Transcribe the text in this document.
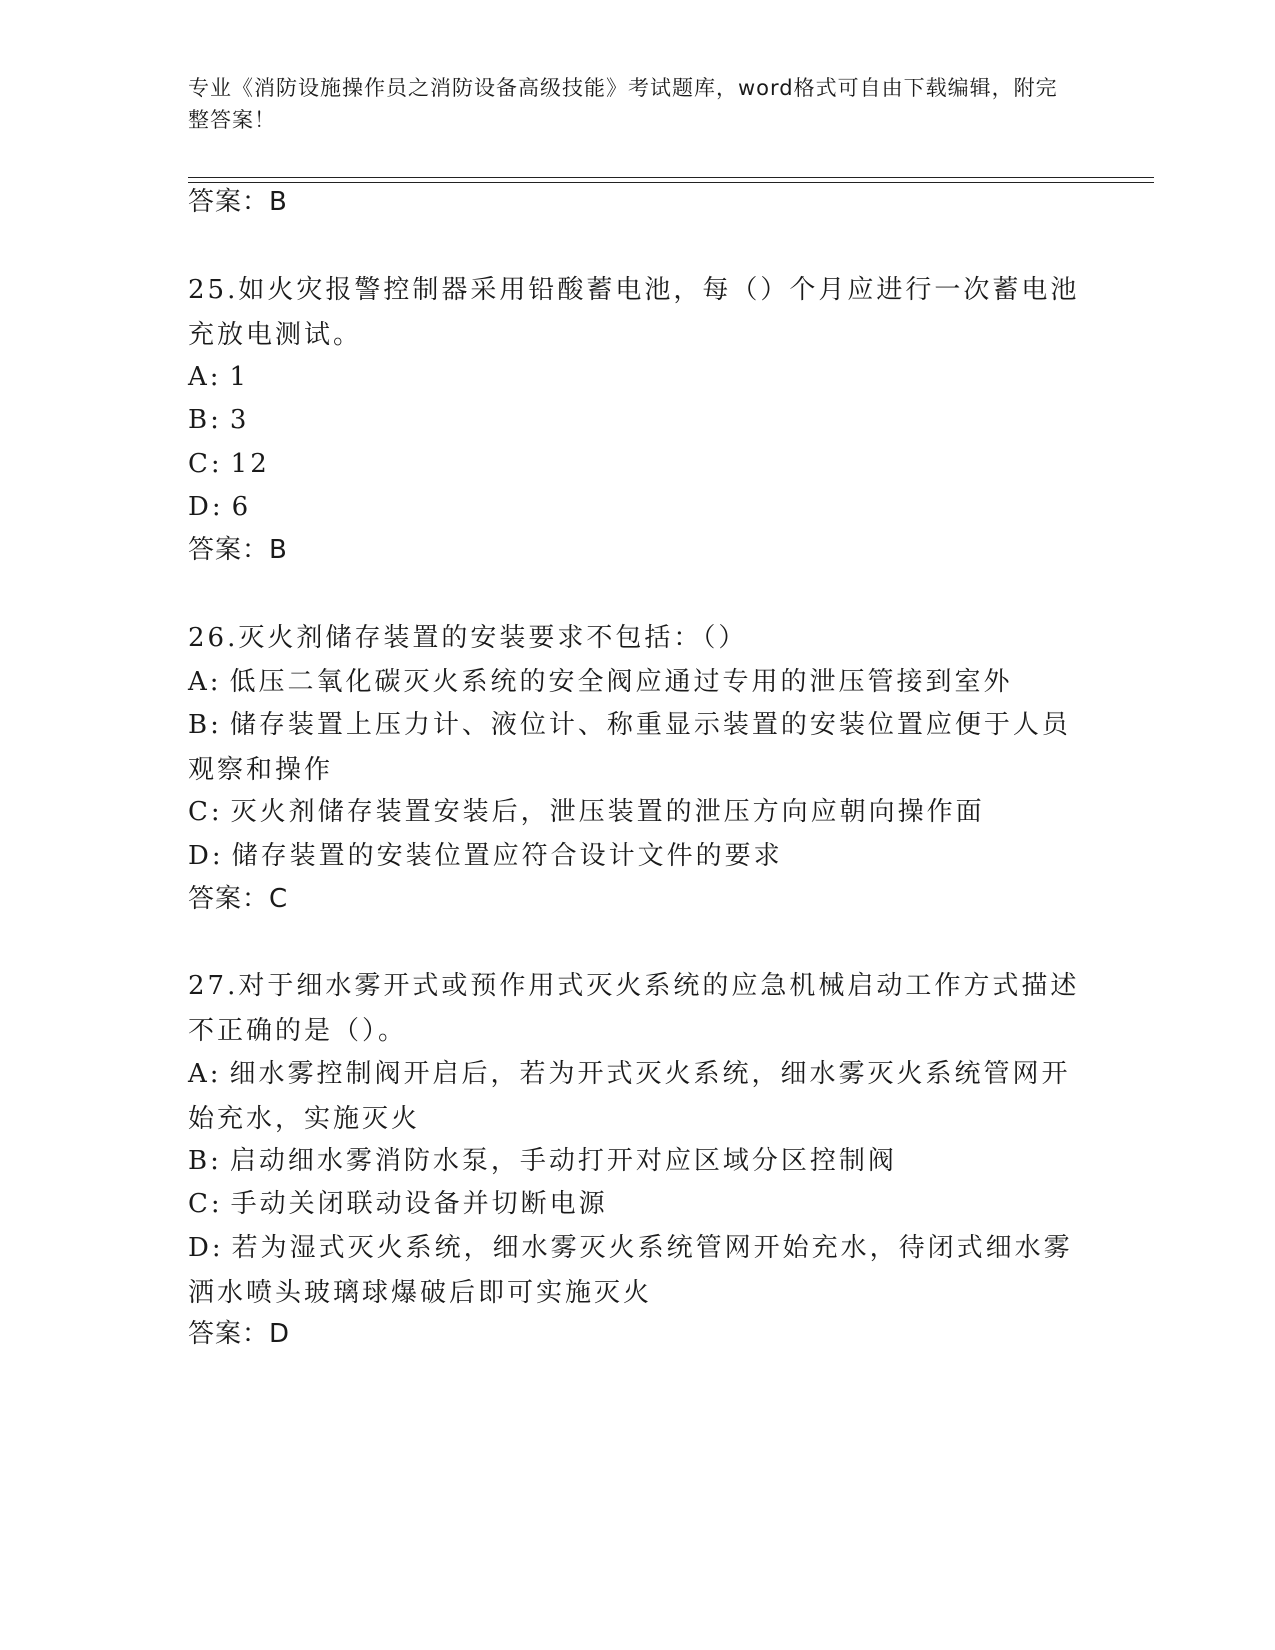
专业《消防设施操作员之消防设备高级技能》考试题库，word格式可自由下载编辑，附完整答案！
答案：B
25.如火灾报警控制器采用铅酸蓄电池，每（）个月应进行一次蓄电池充放电测试。
A: 1
B: 3
C: 12
D: 6
答案：B
26.灭火剂储存装置的安装要求不包括：（）
A: 低压二氧化碳灭火系统的安全阀应通过专用的泄压管接到室外
B: 储存装置上压力计、液位计、称重显示装置的安装位置应便于人员观察和操作
C: 灭火剂储存装置安装后，泄压装置的泄压方向应朝向操作面
D: 储存装置的安装位置应符合设计文件的要求
答案：C
27.对于细水雾开式或预作用式灭火系统的应急机械启动工作方式描述不正确的是（）。
A: 细水雾控制阀开启后，若为开式灭火系统，细水雾灭火系统管网开始充水，实施灭火
B: 启动细水雾消防水泵，手动打开对应区域分区控制阀
C: 手动关闭联动设备并切断电源
D: 若为湿式灭火系统，细水雾灭火系统管网开始充水，待闭式细水雾洒水喷头玻璃球爆破后即可实施灭火
答案：D
